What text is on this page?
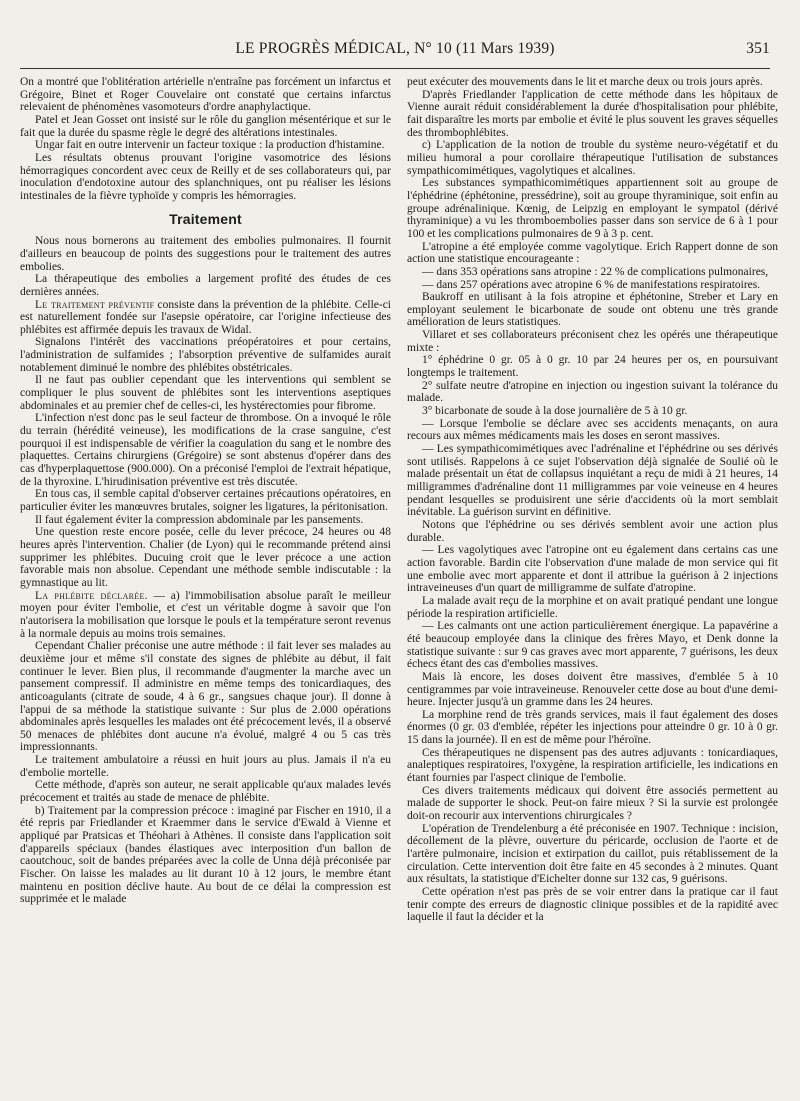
LE PROGRÈS MÉDICAL, N° 10 (11 Mars 1939)	351

On a montré que l'oblitération artérielle n'entraîne pas forcément un infarctus et Grégoire, Binet et Roger Couvelaire ont constaté que certains infarctus relevaient de phénomènes vasomoteurs d'ordre anaphylactique.

Patel et Jean Gosset ont insisté sur le rôle du ganglion mésentérique et sur le fait que la durée du spasme règle le degré des altérations intestinales.

Ungar fait en outre intervenir un facteur toxique : la production d'histamine.

Les résultats obtenus prouvant l'origine vasomotrice des lésions hémorragiques concordent avec ceux de Reilly et de ses collaborateurs qui, par inoculation d'endotoxine autour des splanchniques, ont pu réaliser les lésions intestinales de la fièvre typhoïde y compris les hémorragies.

Traitement

Nous nous bornerons au traitement des embolies pulmonaires. Il fournit d'ailleurs en beaucoup de points des suggestions pour le traitement des autres embolies.

La thérapeutique des embolies a largement profité des études de ces dernières années.

Le traitement préventif consiste dans la prévention de la phlébite. Celle-ci est naturellement fondée sur l'asepsie opératoire, car l'origine infectieuse des phlébites est affirmée depuis les travaux de Widal.

Signalons l'intérêt des vaccinations préopératoires et pour certains, l'administration de sulfamides ; l'absorption préventive de sulfamides aurait notablement diminué le nombre des phlébites obstétricales.

Il ne faut pas oublier cependant que les interventions qui semblent se compliquer le plus souvent de phlébites sont les interventions aseptiques abdominales et au premier chef de celles-ci, les hystérectomies pour fibrome.

L'infection n'est donc pas le seul facteur de thrombose. On a invoqué le rôle du terrain (hérédité veineuse), les modifications de la crase sanguine, c'est pourquoi il est indispensable de vérifier la coagulation du sang et le nombre des plaquettes. Certains chirurgiens (Grégoire) se sont abstenus d'opérer dans des cas d'hyperplaquettose (900.000). On a préconisé l'emploi de l'extrait hépatique, de la thyroxine. L'hirudinisation préventive est très discutée.

En tous cas, il semble capital d'observer certaines précautions opératoires, en particulier éviter les manœuvres brutales, soigner les ligatures, la péritonisation.

Il faut également éviter la compression abdominale par les pansements.

Une question reste encore posée, celle du lever précoce, 24 heures ou 48 heures après l'intervention. Chalier (de Lyon) qui le recommande prétend ainsi supprimer les phlébites. Ducuing croit que le lever précoce a une action favorable mais non absolue. Cependant une méthode semble indiscutable : la gymnastique au lit.

La phlébite déclarée. — a) l'immobilisation absolue paraît le meilleur moyen pour éviter l'embolie, et c'est un véritable dogme à savoir que l'on n'autorisera la mobilisation que lorsque le pouls et la température seront revenus à la normale depuis au moins trois semaines.

Cependant Chalier préconise une autre méthode : il fait lever ses malades au deuxième jour et même s'il constate des signes de phlébite au début, il fait continuer le lever. Bien plus, il recommande d'augmenter la marche avec un pansement compressif. Il administre en même temps des tonicardiaques, des anticoagulants (citrate de soude, 4 à 6 gr., sangsues chaque jour). Il donne à l'appui de sa méthode la statistique suivante : Sur plus de 2.000 opérations abdominales après lesquelles les malades ont été précocement levés, il a observé 50 menaces de phlébites dont aucune n'a évolué, malgré 4 ou 5 cas très impressionnants.

Le traitement ambulatoire a réussi en huit jours au plus. Jamais il n'a eu d'embolie mortelle.

Cette méthode, d'après son auteur, ne serait applicable qu'aux malades levés précocement et traités au stade de menace de phlébite.

b) Traitement par la compression précoce : imaginé par Fischer en 1910, il a été repris par Friedlander et Kraemmer dans le service d'Ewald à Vienne et appliqué par Pratsicas et Théohari à Athènes. Il consiste dans l'application soit d'appareils spéciaux (bandes élastiques avec interposition d'un ballon de caoutchouc, soit de bandes préparées avec la colle de Unna déjà préconisée par Fischer. On laisse les malades au lit durant 10 à 12 jours, le membre étant maintenu en position déclive haute. Au bout de ce délai la compression est supprimée et le malade

peut exécuter des mouvements dans le lit et marche deux ou trois jours après.

D'après Friedlander l'application de cette méthode dans les hôpitaux de Vienne aurait réduit considérablement la durée d'hospitalisation pour phlébite, fait disparaître les morts par embolie et évité le plus souvent les graves séquelles des thrombophlébites.

c) L'application de la notion de trouble du système neuro-végétatif et du milieu humoral a pour corollaire thérapeutique l'utilisation de substances sympathicomimétiques, vagolytiques et alcalines.

Les substances sympathicomimétiques appartiennent soit au groupe de l'éphédrine (éphétonine, pressédrine), soit au groupe thyraminique, soit enfin au groupe adrénalinique. Kœnig, de Leipzig en employant le sympatol (dérivé thyraminique) a vu les thromboembolies passer dans son service de 6 à 1 pour 100 et les complications pulmonaires de 9 à 3 p. cent.

L'atropine a été employée comme vagolytique. Erich Rappert donne de son action une statistique encourageante :

— dans 353 opérations sans atropine : 22 % de complications pulmonaires,

— dans 257 opérations avec atropine 6 % de manifestations respiratoires.

Baukroff en utilisant à la fois atropine et éphétonine, Streber et Lary en employant seulement le bicarbonate de soude ont obtenu une très grande amélioration de leurs statistiques.

Villaret et ses collaborateurs préconisent chez les opérés une thérapeutique mixte :

1° éphédrine 0 gr. 05 à 0 gr. 10 par 24 heures per os, en poursuivant longtemps le traitement.

2° sulfate neutre d'atropine en injection ou ingestion suivant la tolérance du malade.

3° bicarbonate de soude à la dose journalière de 5 à 10 gr.

— Lorsque l'embolie se déclare avec ses accidents menaçants, on aura recours aux mêmes médicaments mais les doses en seront massives.

— Les sympathicomimétiques avec l'adrénaline et l'éphédrine ou ses dérivés sont utilisés. Rappelons à ce sujet l'observation déjà signalée de Soulié où le malade présentait un état de collapsus inquiétant a reçu de midi à 21 heures, 14 milligrammes d'adrénaline dont 11 milligrammes par voie veineuse en 4 heures pendant lesquelles se produisirent une série d'accidents où la mort semblait inévitable. La guérison survint en définitive.

Notons que l'éphédrine ou ses dérivés semblent avoir une action plus durable.

— Les vagolytiques avec l'atropine ont eu également dans certains cas une action favorable. Bardin cite l'observation d'une malade de mon service qui fit une embolie avec mort apparente et dont il attribue la guérison à 2 injections intraveineuses d'un quart de milligramme de sulfate d'atropine.

La malade avait reçu de la morphine et on avait pratiqué pendant une longue période la respiration artificielle.

— Les calmants ont une action particulièrement énergique. La papavérine a été beaucoup employée dans la clinique des frères Mayo, et Denk donne la statistique suivante : sur 9 cas graves avec mort apparente, 7 guérisons, les deux échecs étant des cas d'embolies massives.

Mais là encore, les doses doivent être massives, d'emblée 5 à 10 centigrammes par voie intraveineuse. Renouveler cette dose au bout d'une demi-heure. Injecter jusqu'à un gramme dans les 24 heures.

La morphine rend de très grands services, mais il faut également des doses énormes (0 gr. 03 d'emblée, répéter les injections pour atteindre 0 gr. 10 à 0 gr. 15 dans la journée). Il en est de même pour l'héroïne.

Ces thérapeutiques ne dispensent pas des autres adjuvants : tonicardiaques, analeptiques respiratoires, l'oxygène, la respiration artificielle, les indications en étant fournies par l'aspect clinique de l'embolie.

Ces divers traitements médicaux qui doivent être associés permettent au malade de supporter le shock. Peut-on faire mieux ? Si la survie est prolongée doit-on recourir aux interventions chirurgicales ?

L'opération de Trendelenburg a été préconisée en 1907. Technique : incision, décollement de la plèvre, ouverture du péricarde, occlusion de l'aorte et de l'artère pulmonaire, incision et extirpation du caillot, puis rétablissement de la circulation. Cette intervention doit être faite en 45 secondes à 2 minutes. Quant aux résultats, la statistique d'Eichelter donne sur 132 cas, 9 guérisons.

Cette opération n'est pas près de se voir entrer dans la pratique car il faut tenir compte des erreurs de diagnostic clinique possibles et de la rapidité avec laquelle il faut la décider et la
